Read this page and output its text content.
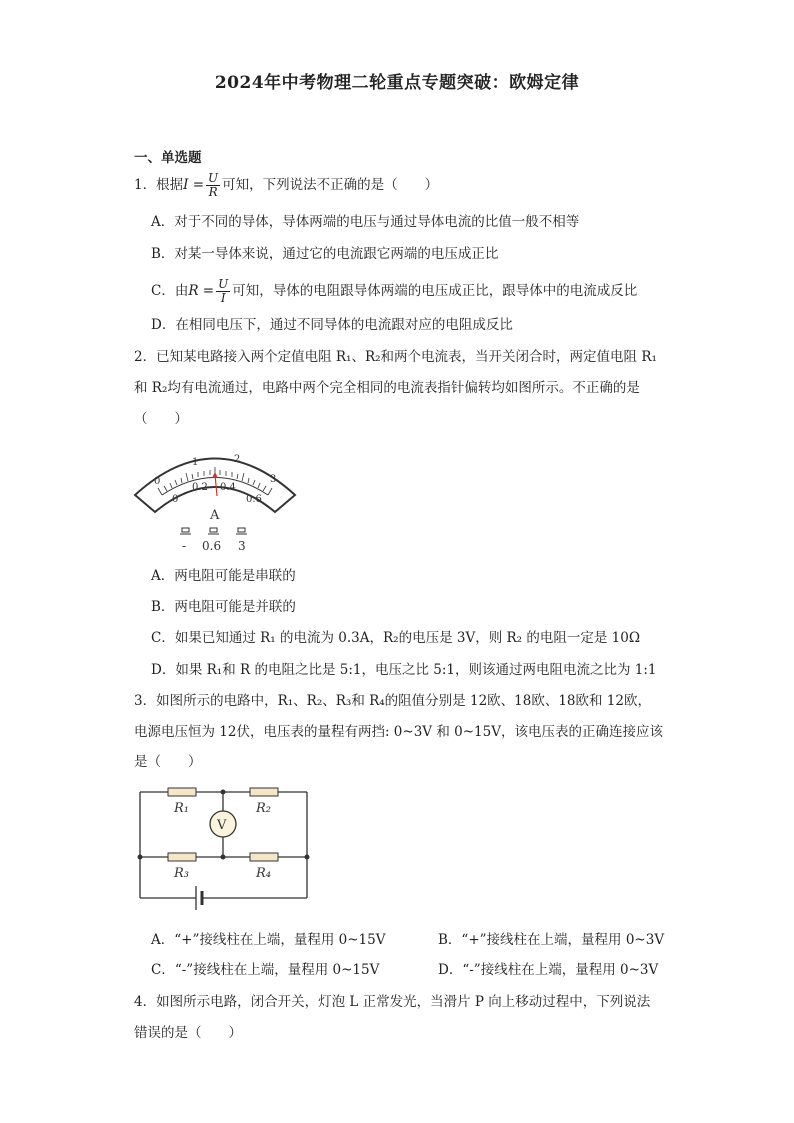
2024年中考物理二轮重点专题突破：欧姆定律
一、单选题
1．根据$I = \frac{U}{R}$ 可知，下列说法不正确的是（　　）
A．对于不同的导体，导体两端的电压与通过导体电流的比值一般不相等
B．对某一导体来说，通过它的电流跟它两端的电压成正比
C．由$R = \frac{U}{I}$ 可知，导体的电阻跟导体两端的电压成正比，跟导体中的电流成反比
D．在相同电压下，通过不同导体的电流跟对应的电阻成反比
2．已知某电路接入两个定值电阻 R₁、R₂和两个电流表，当开关闭合时，两定值电阻 R₁
和 R₂均有电流通过，电路中两个完全相同的电流表指针偏转均如图所示。不正确的是
（　　）
0
1	2
3
0
0.2 0.4
0.6
A
- 0.6 3
A．两电阻可能是串联的
B．两电阻可能是并联的
C．如果已知通过 R₁ 的电流为 0.3A，R₂的电压是 3V，则 R₂ 的电阻一定是 10Ω
D．如果 R₁和 R 的电阻之比是 5:1，电压之比 5:1，则该通过两电阻电流之比为 1:1
3．如图所示的电路中，R₁、R₂、R₃和 R₄的阻值分别是 12欧、18欧、18欧和 12欧，
电源电压恒为 12伏，电压表的量程有两挡: 0~3V 和 0~15V，该电压表的正确连接应该
是（　　）
V
R₁	R₂
R₃	R₄
A．“+”接线柱在上端，量程用 0~15V	B．“+”接线柱在上端，量程用 0~3V
C．“-”接线柱在上端，量程用 0~15V	D．“-”接线柱在上端，量程用 0~3V
4．如图所示电路，闭合开关，灯泡 L 正常发光，当滑片 P 向上移动过程中，下列说法
错误的是（　　）
